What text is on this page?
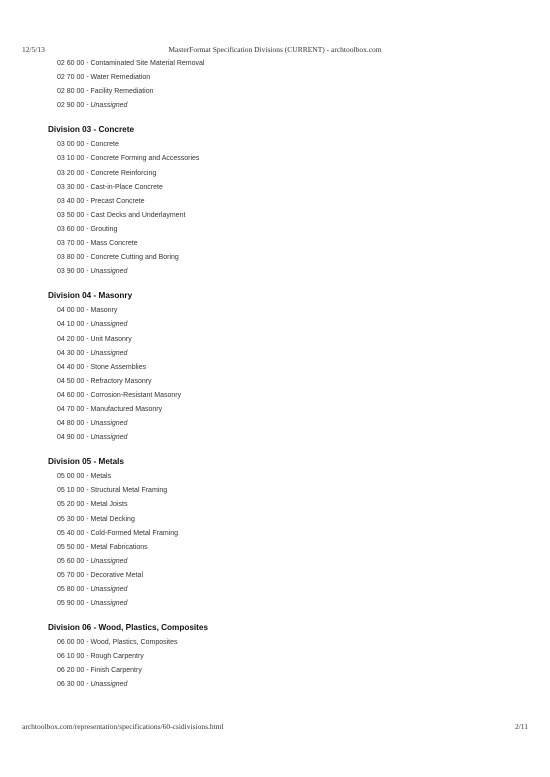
12/5/13	MasterFormat Specification Divisions (CURRENT) - archtoolbox.com
02 60 00 - Contaminated Site Material Removal
02 70 00 - Water Remediation
02 80 00 - Facility Remediation
02 90 00 - Unassigned
Division 03 - Concrete
03 00 00 - Concrete
03 10 00 - Concrete Forming and Accessories
03 20 00 - Concrete Reinforcing
03 30 00 - Cast-in-Place Concrete
03 40 00 - Precast Concrete
03 50 00 - Cast Decks and Underlayment
03 60 00 - Grouting
03 70 00 - Mass Concrete
03 80 00 - Concrete Cutting and Boring
03 90 00 - Unassigned
Division 04 - Masonry
04 00 00 - Masonry
04 10 00 - Unassigned
04 20 00 - Unit Masonry
04 30 00 - Unassigned
04 40 00 - Stone Assemblies
04 50 00 - Refractory Masonry
04 60 00 - Corrosion-Resistant Masonry
04 70 00 - Manufactured Masonry
04 80 00 - Unassigned
04 90 00 - Unassigned
Division 05 - Metals
05 00 00 - Metals
05 10 00 - Structural Metal Framing
05 20 00 - Metal Joists
05 30 00 - Metal Decking
05 40 00 - Cold-Formed Metal Framing
05 50 00 - Metal Fabrications
05 60 00 - Unassigned
05 70 00 - Decorative Metal
05 80 00 - Unassigned
05 90 00 - Unassigned
Division 06 - Wood, Plastics, Composites
06 00 00 - Wood, Plastics, Composites
06 10 00 - Rough Carpentry
06 20 00 - Finish Carpentry
06 30 00 - Unassigned
archtoolbox.com/representation/specifications/60-csidivisions.html	2/11
